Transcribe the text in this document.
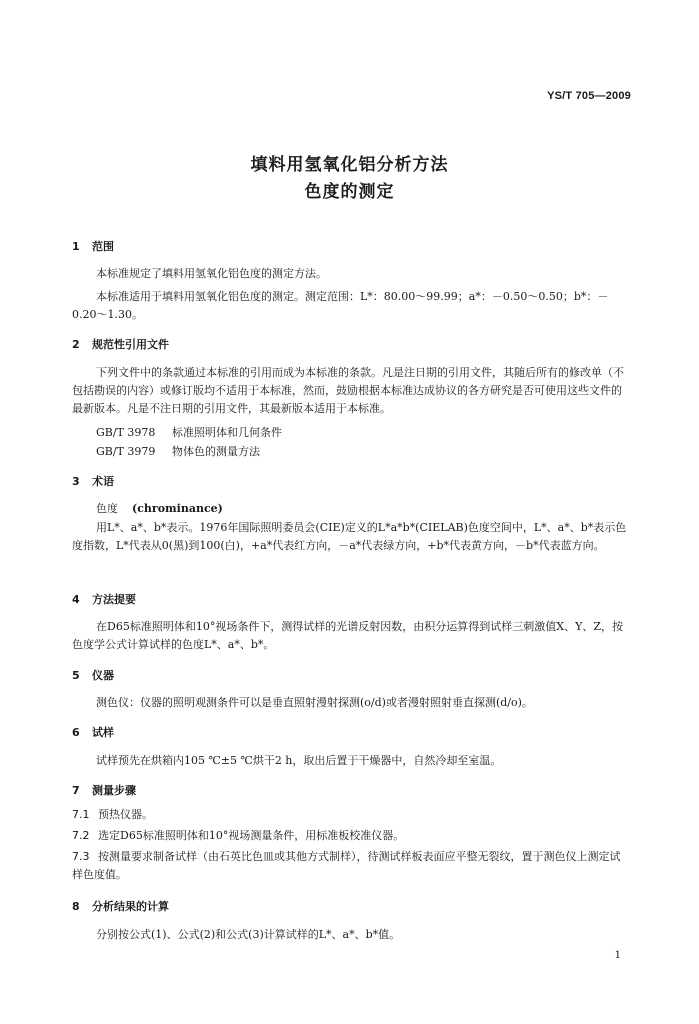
YS/T 705—2009
填料用氢氧化铝分析方法
色度的测定
1 范围
本标准规定了填料用氢氧化铝色度的测定方法。
本标准适用于填料用氢氧化铝色度的测定。测定范围：L*：80.00～99.99；a*：－0.50～0.50；b*：－0.20～1.30。
2 规范性引用文件
下列文件中的条款通过本标准的引用而成为本标准的条款。凡是注日期的引用文件，其随后所有的修改单（不包括勘误的内容）或修订版均不适用于本标准，然而，鼓励根据本标准达成协议的各方研究是否可使用这些文件的最新版本。凡是不注日期的引用文件，其最新版本适用于本标准。
GB/T 3978 标准照明体和几何条件
GB/T 3979 物体色的测量方法
3 术语
色度 (chrominance)
用L*、a*、b*表示。1976年国际照明委员会(CIE)定义的L*a*b*(CIELAB)色度空间中，L*、a*、b*表示色度指数，L*代表从0(黑)到100(白)，+a*代表红方向，－a*代表绿方向，+b*代表黄方向，－b*代表蓝方向。
4 方法提要
在D65标准照明体和10°视场条件下，测得试样的光谱反射因数，由积分运算得到试样三刺激值X、Y、Z，按色度学公式计算试样的色度L*、a*、b*。
5 仪器
测色仪：仪器的照明观测条件可以是垂直照射漫射探测(o/d)或者漫射照射垂直探测(d/o)。
6 试样
试样预先在烘箱内105 ℃±5 ℃烘干2 h，取出后置于干燥器中，自然冷却至室温。
7 测量步骤
7.1 预热仪器。
7.2 选定D65标准照明体和10°视场测量条件，用标准板校准仪器。
7.3 按测量要求制备试样（由石英比色皿或其他方式制样），待测试样板表面应平整无裂纹，置于测色仪上测定试样色度值。
8 分析结果的计算
分别按公式(1)、公式(2)和公式(3)计算试样的L*、a*、b*值。
1
